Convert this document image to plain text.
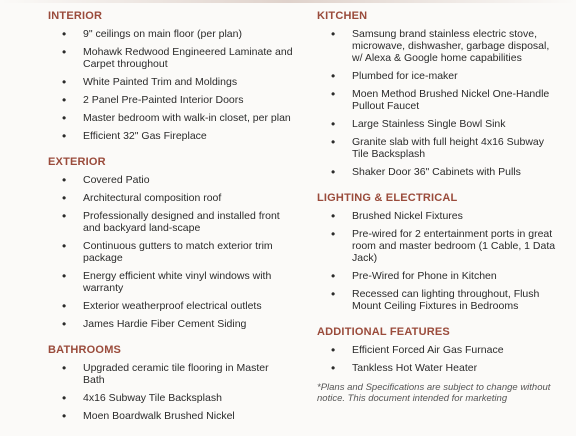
INTERIOR
• 9" ceilings on main floor (per plan)
• Mohawk Redwood Engineered Laminate and Carpet throughout
• White Painted Trim and Moldings
• 2 Panel Pre-Painted Interior Doors
• Master bedroom with walk-in closet, per plan
• Efficient 32" Gas Fireplace
EXTERIOR
• Covered Patio
• Architectural composition roof
• Professionally designed and installed front and backyard land-scape
• Continuous gutters to match exterior trim package
• Energy efficient white vinyl windows with warranty
• Exterior weatherproof electrical outlets
• James Hardie Fiber Cement Siding
BATHROOMS
• Upgraded ceramic tile flooring in Master Bath
• 4x16 Subway Tile Backsplash
• Moen Boardwalk Brushed Nickel
KITCHEN
• Samsung brand stainless electric stove, microwave, dishwasher, garbage disposal, w/ Alexa & Google home capabilities
• Plumbed for ice-maker
• Moen Method Brushed Nickel One-Handle Pullout Faucet
• Large Stainless Single Bowl Sink
• Granite slab with full height 4x16 Subway Tile Backsplash
• Shaker Door 36" Cabinets with Pulls
LIGHTING & ELECTRICAL
• Brushed Nickel Fixtures
• Pre-wired for 2 entertainment ports in great room and master bedroom (1 Cable, 1 Data Jack)
• Pre-Wired for Phone in Kitchen
• Recessed can lighting throughout, Flush Mount Ceiling Fixtures in Bedrooms
ADDITIONAL FEATURES
• Efficient Forced Air Gas Furnace
• Tankless Hot Water Heater
*Plans and Specifications are subject to change without notice. This document intended for marketing
